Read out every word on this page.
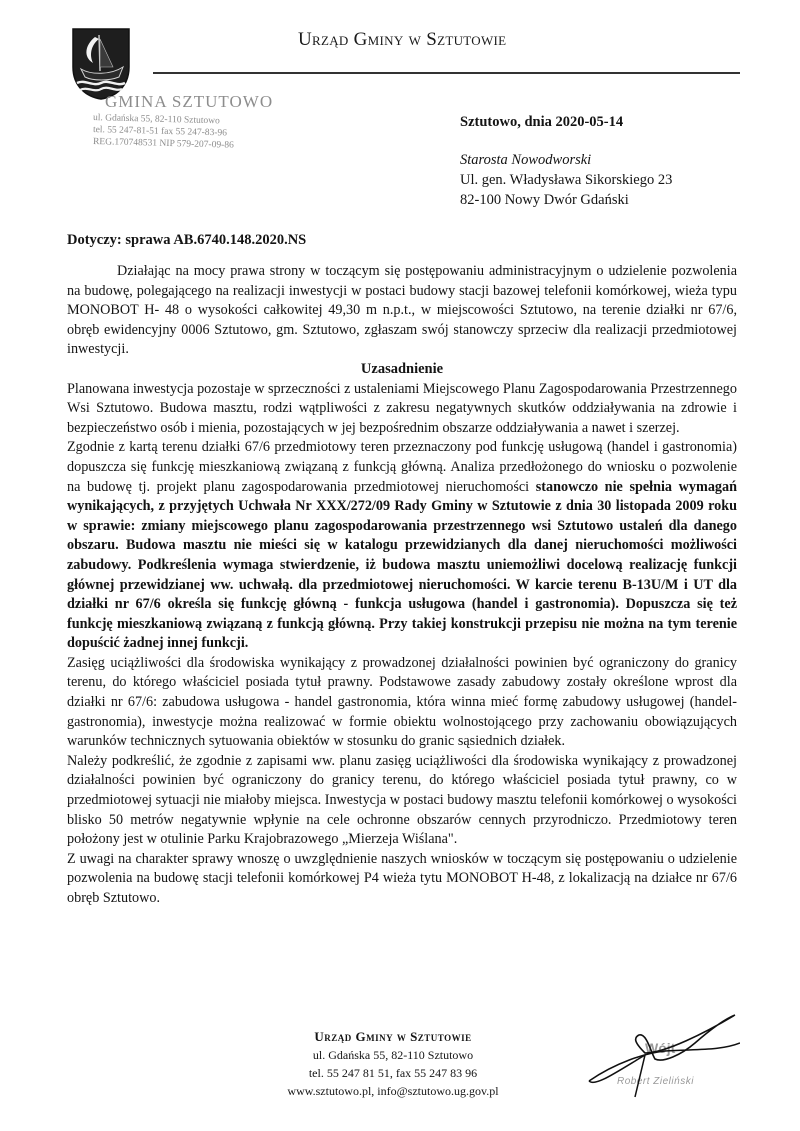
GMINA SZTUTOWO
ul. Gdańska 55, 82-110 Sztutowo
tel. 55 247-81-51 fax 55 247-83-96
REG.170748531 NIP 579-207-09-86
Urząd Gminy w Sztutowie
Sztutowo, dnia 2020-05-14
Starosta Nowodworski
Ul. gen. Władysława Sikorskiego 23
82-100 Nowy Dwór Gdański
Dotyczy: sprawa AB.6740.148.2020.NS

Działając na mocy prawa strony w toczącym się postępowaniu administracyjnym o udzielenie pozwolenia na budowę, polegającego na realizacji inwestycji w postaci budowy stacji bazowej telefonii komórkowej, wieża typu MONOBOT H- 48 o wysokości całkowitej 49,30 m n.p.t., w miejscowości Sztutowo, na terenie działki nr 67/6, obręb ewidencyjny 0006 Sztutowo, gm. Sztutowo, zgłaszam swój stanowczy sprzeciw dla realizacji przedmiotowej inwestycji.

Uzasadnienie

Planowana inwestycja pozostaje w sprzeczności z ustaleniami Miejscowego Planu Zagospodarowania Przestrzennego Wsi Sztutowo. Budowa masztu, rodzi wątpliwości z zakresu negatywnych skutków oddziaływania na zdrowie i bezpieczeństwo osób i mienia, pozostających w jej bezpośrednim obszarze oddziaływania a nawet i szerzej.

Zgodnie z kartą terenu działki 67/6 przedmiotowy teren przeznaczony pod funkcję usługową (handel i gastronomia) dopuszcza się funkcję mieszkaniową związaną z funkcją główną. Analiza przedłożonego do wniosku o pozwolenie na budowę tj. projekt planu zagospodarowania przedmiotowej nieruchomości stanowczo nie spełnia wymagań wynikających, z przyjętych Uchwała Nr XXX/272/09 Rady Gminy w Sztutowie z dnia 30 listopada 2009 roku w sprawie: zmiany miejscowego planu zagospodarowania przestrzennego wsi Sztutowo ustaleń dla danego obszaru. Budowa masztu nie mieści się w katalogu przewidzianych dla danej nieruchomości możliwości zabudowy. Podkreślenia wymaga stwierdzenie, iż budowa masztu uniemożliwi docelową realizację funkcji głównej przewidzianej ww. uchwałą. dla przedmiotowej nieruchomości. W karcie terenu B-13U/M i UT dla działki nr 67/6 określa się funkcję główną - funkcja usługowa (handel i gastronomia). Dopuszcza się też funkcję mieszkaniową związaną z funkcją główną. Przy takiej konstrukcji przepisu nie można na tym terenie dopuścić żadnej innej funkcji.

Zasięg uciążliwości dla środowiska wynikający z prowadzonej działalności powinien być ograniczony do granicy terenu, do którego właściciel posiada tytuł prawny. Podstawowe zasady zabudowy zostały określone wprost dla działki nr 67/6: zabudowa usługowa - handel gastronomia, która winna mieć formę zabudowy usługowej (handel-gastronomia), inwestycje można realizować w formie obiektu wolnostojącego przy zachowaniu obowiązujących warunków technicznych sytuowania obiektów w stosunku do granic sąsiednich działek.

Należy podkreślić, że zgodnie z zapisami ww. planu zasięg uciążliwości dla środowiska wynikający z prowadzonej działalności powinien być ograniczony do granicy terenu, do którego właściciel posiada tytuł prawny, co w przedmiotowej sytuacji nie miałoby miejsca. Inwestycja w postaci budowy masztu telefonii komórkowej o wysokości blisko 50 metrów negatywnie wpłynie na cele ochronne obszarów cennych przyrodniczo. Przedmiotowy teren położony jest w otulinie Parku Krajobrazowego „Mierzeja Wiślana".

Z uwagi na charakter sprawy wnoszę o uwzględnienie naszych wniosków w toczącym się postępowaniu o udzielenie pozwolenia na budowę stacji telefonii komórkowej P4 wieża tytu MONOBOT H-48, z lokalizacją na działce nr 67/6 obręb Sztutowo.

Urząd Gminy w Sztutowie
ul. Gdańska 55, 82-110 Sztutowo
tel. 55 247 81 51, fax 55 247 83 96
www.sztutowo.pl, info@sztutowo.ug.gov.pl
Wójt
Robert Zieliński
